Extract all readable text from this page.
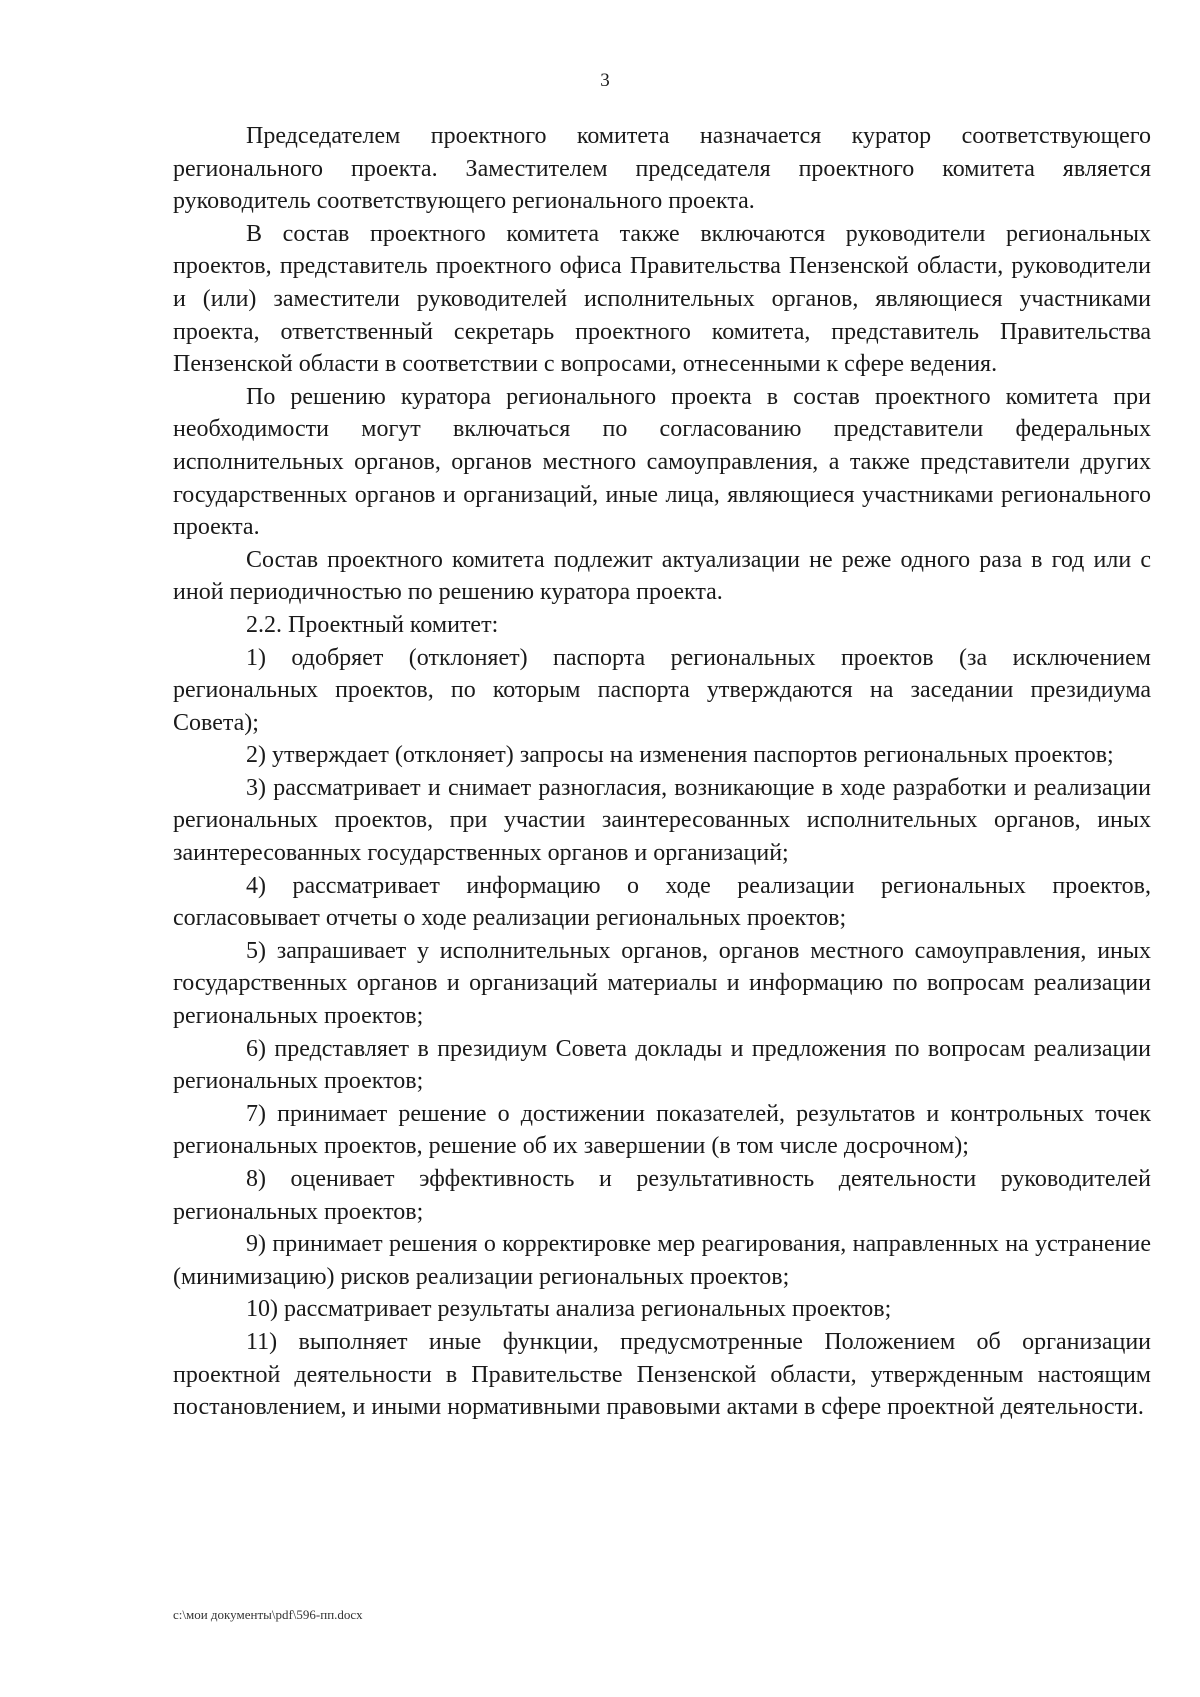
3

Председателем проектного комитета назначается куратор соответствующего регионального проекта. Заместителем председателя проектного комитета является руководитель соответствующего регионального проекта.

В состав проектного комитета также включаются руководители региональных проектов, представитель проектного офиса Правительства Пензенской области, руководители и (или) заместители руководителей исполнительных органов, являющиеся участниками проекта, ответственный секретарь проектного комитета, представитель Правительства Пензенской области в соответствии с вопросами, отнесенными к сфере ведения.

По решению куратора регионального проекта в состав проектного комитета при необходимости могут включаться по согласованию представители федеральных исполнительных органов, органов местного самоуправления, а также представители других государственных органов и организаций, иные лица, являющиеся участниками регионального проекта.

Состав проектного комитета подлежит актуализации не реже одного раза в год или с иной периодичностью по решению куратора проекта.

2.2. Проектный комитет:

1) одобряет (отклоняет) паспорта региональных проектов (за исключением региональных проектов, по которым паспорта утверждаются на заседании президиума Совета);

2) утверждает (отклоняет) запросы на изменения паспортов региональных проектов;

3) рассматривает и снимает разногласия, возникающие в ходе разработки и реализации региональных проектов, при участии заинтересованных исполнительных органов, иных заинтересованных государственных органов и организаций;

4) рассматривает информацию о ходе реализации региональных проектов, согласовывает отчеты о ходе реализации региональных проектов;

5) запрашивает у исполнительных органов, органов местного самоуправления, иных государственных органов и организаций материалы и информацию по вопросам реализации региональных проектов;

6) представляет в президиум Совета доклады и предложения по вопросам реализации региональных проектов;

7) принимает решение о достижении показателей, результатов и контрольных точек региональных проектов, решение об их завершении (в том числе досрочном);

8) оценивает эффективность и результативность деятельности руководителей региональных проектов;

9) принимает решения о корректировке мер реагирования, направленных на устранение (минимизацию) рисков реализации региональных проектов;

10) рассматривает результаты анализа региональных проектов;

11) выполняет иные функции, предусмотренные Положением об организации проектной деятельности в Правительстве Пензенской области, утвержденным настоящим постановлением, и иными нормативными правовыми актами в сфере проектной деятельности.

c:\мои документы\pdf\596-пп.docx
